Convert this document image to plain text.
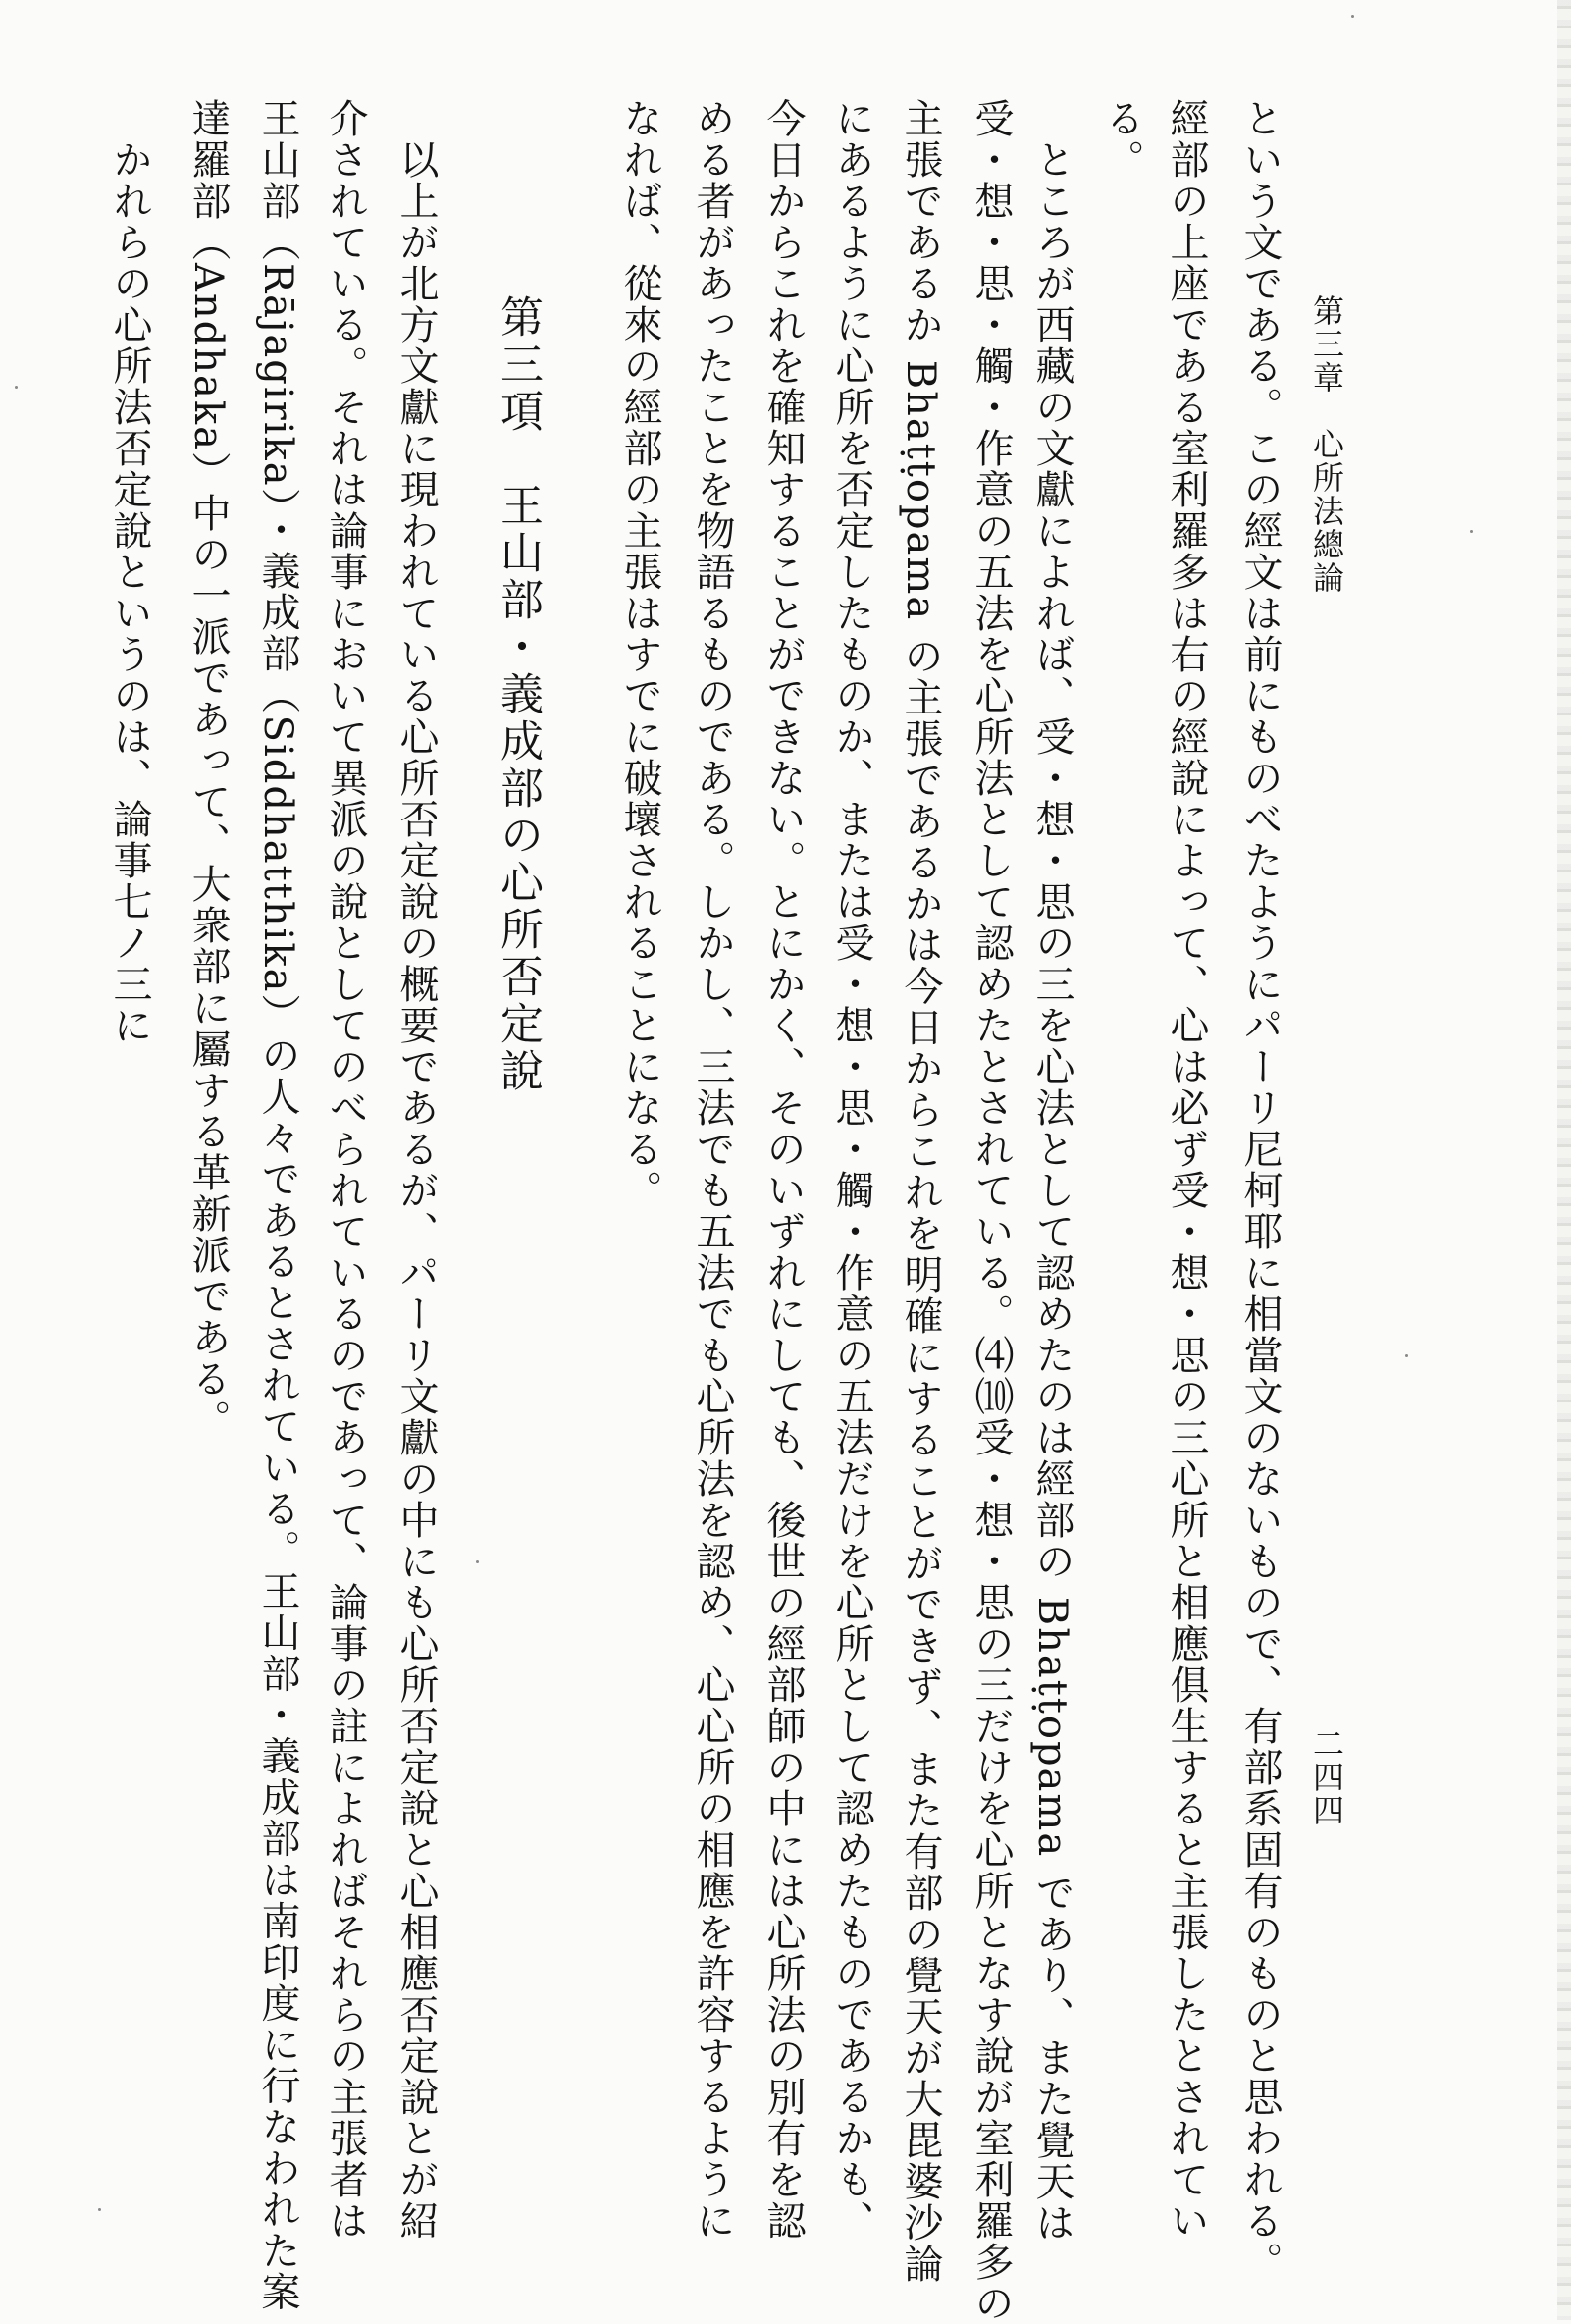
第三章　心所法總論
二四四
という文である。この經文は前にものべたようにパーリ尼柯耶に相當文のないもので、有部系固有のものと思われる。
經部の上座である室利羅多は右の經說によって、心は必ず受・想・思の三心所と相應俱生すると主張したとされてい
る。
　ところが西藏の文獻によれば、受・想・思の三を心法として認めたのは經部の Bhaṭṭopama であり、また覺天は
受・想・思・觸・作意の五法を心所法として認めたとされている。⑷⑽受・想・思の三だけを心所となす說が室利羅多の
主張であるか Bhaṭṭopama の主張であるかは今日からこれを明確にすることができず、また有部の覺天が大毘婆沙論
にあるように心所を否定したものか、または受・想・思・觸・作意の五法だけを心所として認めたものであるかも、
今日からこれを確知することができない。とにかく、そのいずれにしても、後世の經部師の中には心所法の別有を認
める者があったことを物語るものである。しかし、三法でも五法でも心所法を認め、心心所の相應を許容するように
なれば、從來の經部の主張はすでに破壞されることになる。
第三項　王山部・義成部の心所否定說
　以上が北方文獻に現われている心所否定說の概要であるが、パーリ文獻の中にも心所否定說と心相應否定說とが紹
介されている。それは論事において異派の說としてのべられているのであって、論事の註によればそれらの主張者は
王山部（Rājagirika）・義成部（Siddhatthika）の人々であるとされている。王山部・義成部は南印度に行なわれた案
達羅部（Andhaka）中の一派であって、大衆部に屬する革新派である。
　かれらの心所法否定說というのは、論事七ノ三に
